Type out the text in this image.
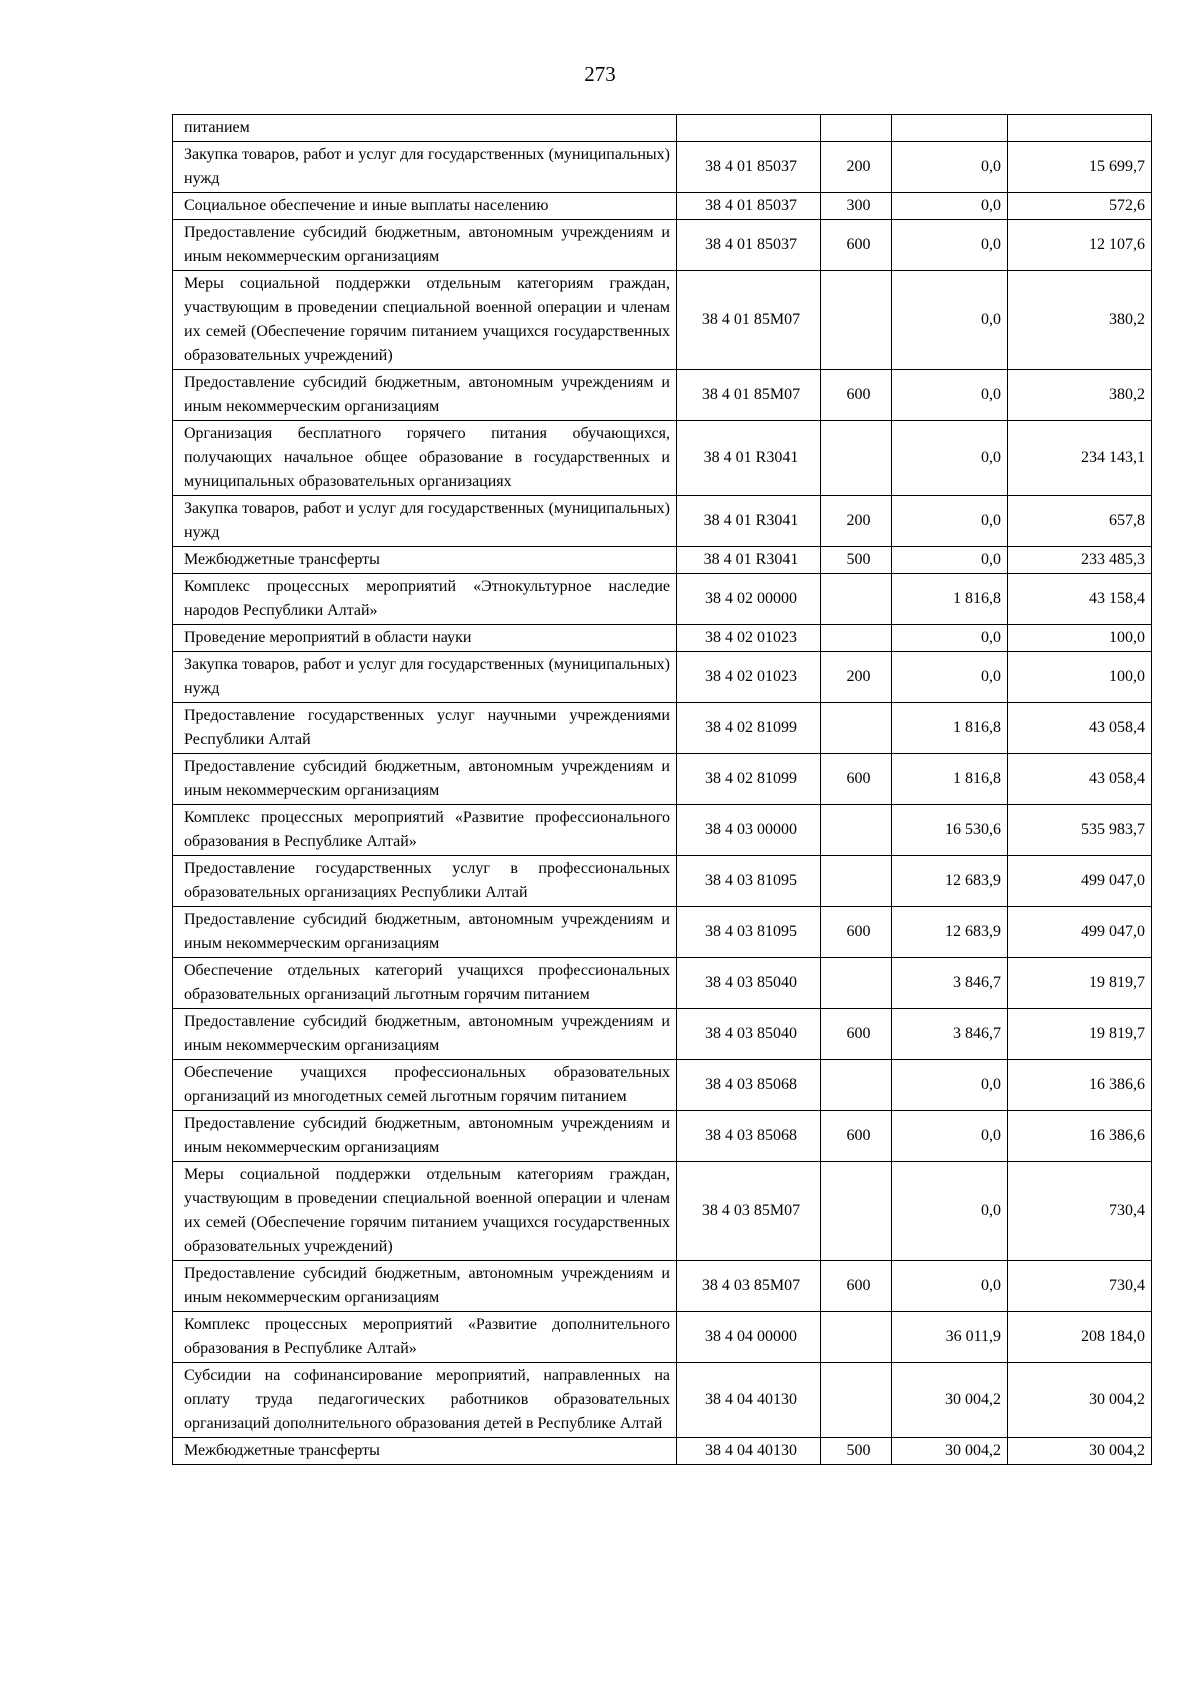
273
питанием				
Закупка товаров, работ и услуг для государственных (муниципальных) нужд	38 4 01 85037	200	0,0	15 699,7
Социальное обеспечение и иные выплаты населению	38 4 01 85037	300	0,0	572,6
Предоставление субсидий бюджетным, автономным учреждениям и иным некоммерческим организациям	38 4 01 85037	600	0,0	12 107,6
Меры социальной поддержки отдельным категориям граждан, участвующим в проведении специальной военной операции и членам их семей (Обеспечение горячим питанием учащихся государственных образовательных учреждений)	38 4 01 85M07		0,0	380,2
Предоставление субсидий бюджетным, автономным учреждениям и иным некоммерческим организациям	38 4 01 85M07	600	0,0	380,2
Организация бесплатного горячего питания обучающихся, получающих начальное общее образование в государственных и муниципальных образовательных организациях	38 4 01 R3041		0,0	234 143,1
Закупка товаров, работ и услуг для государственных (муниципальных) нужд	38 4 01 R3041	200	0,0	657,8
Межбюджетные трансферты	38 4 01 R3041	500	0,0	233 485,3
Комплекс процессных мероприятий «Этнокультурное наследие народов Республики Алтай»	38 4 02 00000		1 816,8	43 158,4
Проведение мероприятий в области науки	38 4 02 01023		0,0	100,0
Закупка товаров, работ и услуг для государственных (муниципальных) нужд	38 4 02 01023	200	0,0	100,0
Предоставление государственных услуг научными учреждениями Республики Алтай	38 4 02 81099		1 816,8	43 058,4
Предоставление субсидий бюджетным, автономным учреждениям и иным некоммерческим организациям	38 4 02 81099	600	1 816,8	43 058,4
Комплекс процессных мероприятий «Развитие профессионального образования в Республике Алтай»	38 4 03 00000		16 530,6	535 983,7
Предоставление государственных услуг в профессиональных образовательных организациях Республики Алтай	38 4 03 81095		12 683,9	499 047,0
Предоставление субсидий бюджетным, автономным учреждениям и иным некоммерческим организациям	38 4 03 81095	600	12 683,9	499 047,0
Обеспечение отдельных категорий учащихся профессиональных образовательных организаций льготным горячим питанием	38 4 03 85040		3 846,7	19 819,7
Предоставление субсидий бюджетным, автономным учреждениям и иным некоммерческим организациям	38 4 03 85040	600	3 846,7	19 819,7
Обеспечение учащихся профессиональных образовательных организаций из многодетных семей льготным горячим питанием	38 4 03 85068		0,0	16 386,6
Предоставление субсидий бюджетным, автономным учреждениям и иным некоммерческим организациям	38 4 03 85068	600	0,0	16 386,6
Меры социальной поддержки отдельным категориям граждан, участвующим в проведении специальной военной операции и членам их семей (Обеспечение горячим питанием учащихся государственных образовательных учреждений)	38 4 03 85M07		0,0	730,4
Предоставление субсидий бюджетным, автономным учреждениям и иным некоммерческим организациям	38 4 03 85M07	600	0,0	730,4
Комплекс процессных мероприятий «Развитие дополнительного образования в Республике Алтай»	38 4 04 00000		36 011,9	208 184,0
Субсидии на софинансирование мероприятий, направленных на оплату труда педагогических работников образовательных организаций дополнительного образования детей в Республике Алтай	38 4 04 40130		30 004,2	30 004,2
Межбюджетные трансферты	38 4 04 40130	500	30 004,2	30 004,2
